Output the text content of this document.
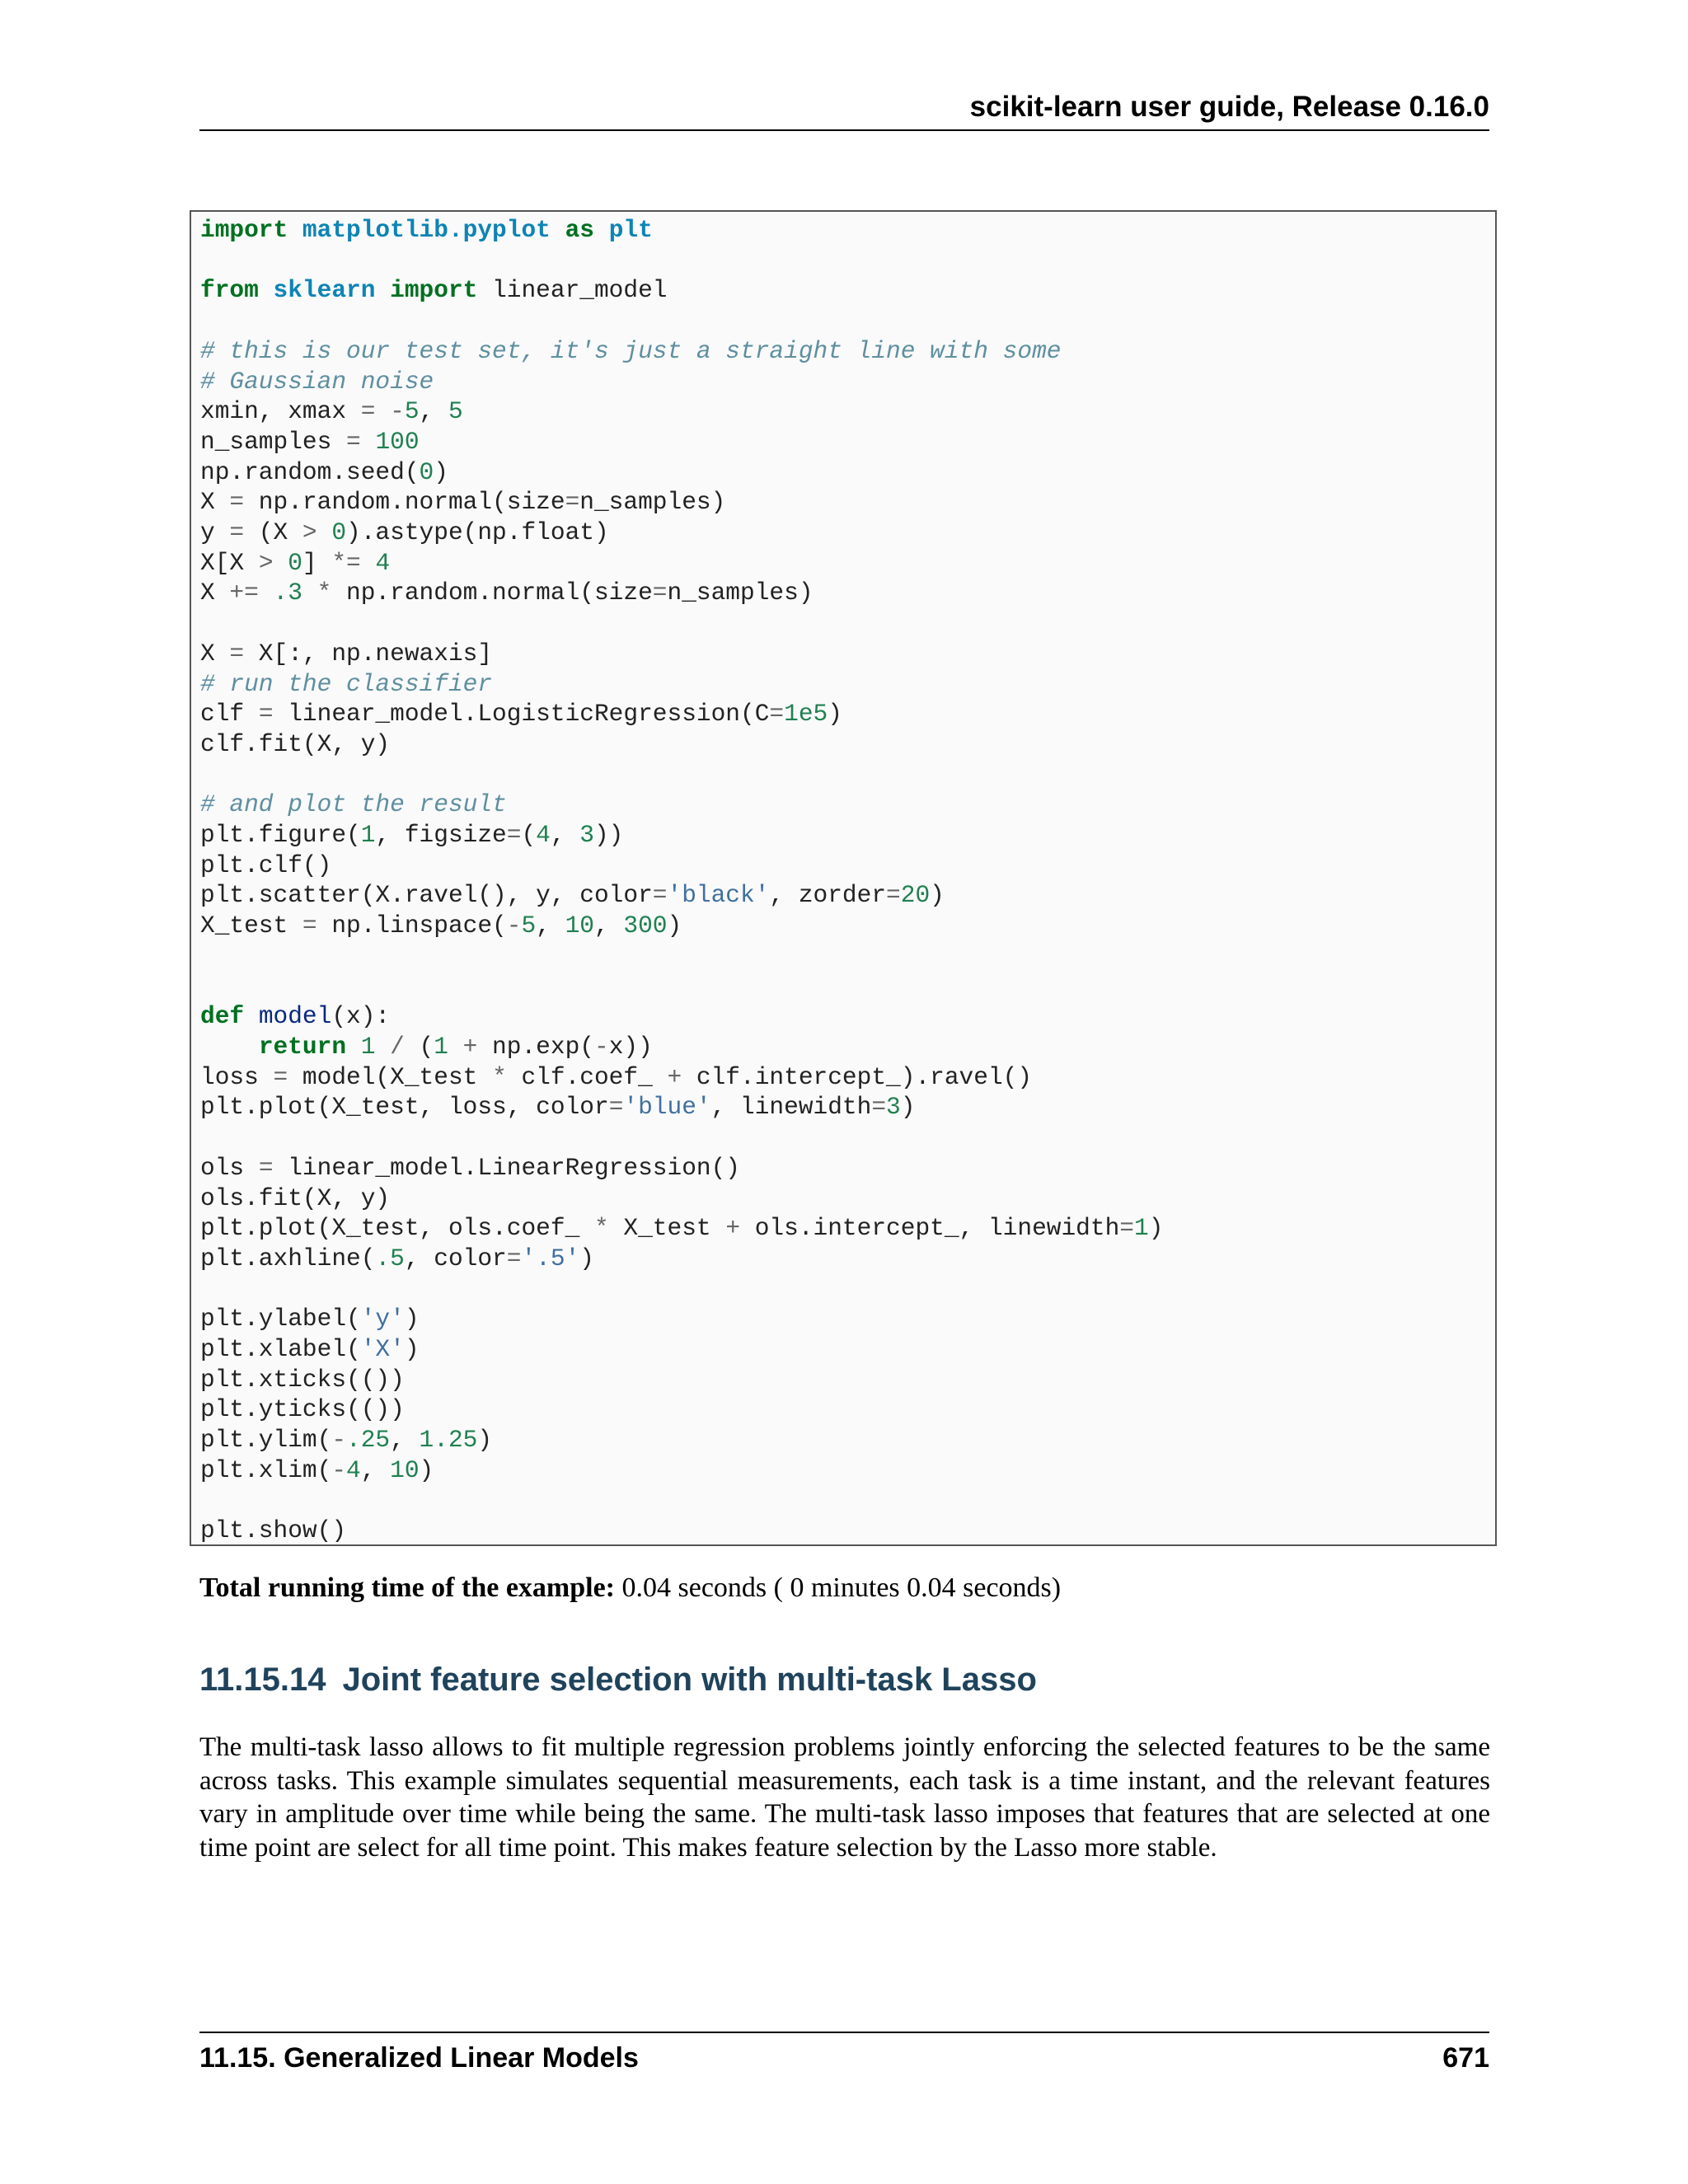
scikit-learn user guide, Release 0.16.0
import matplotlib.pyplot as plt

from sklearn import linear_model

# this is our test set, it's just a straight line with some
# Gaussian noise
xmin, xmax = -5, 5
n_samples = 100
np.random.seed(0)
X = np.random.normal(size=n_samples)
y = (X > 0).astype(np.float)
X[X > 0] *= 4
X += .3 * np.random.normal(size=n_samples)

X = X[:, np.newaxis]
# run the classifier
clf = linear_model.LogisticRegression(C=1e5)
clf.fit(X, y)

# and plot the result
plt.figure(1, figsize=(4, 3))
plt.clf()
plt.scatter(X.ravel(), y, color='black', zorder=20)
X_test = np.linspace(-5, 10, 300)

def model(x):
return 1 / (1 + np.exp(-x))
loss = model(X_test * clf.coef_ + clf.intercept_).ravel()
plt.plot(X_test, loss, color='blue', linewidth=3)

ols = linear_model.LinearRegression()
ols.fit(X, y)
plt.plot(X_test, ols.coef_ * X_test + ols.intercept_, linewidth=1)
plt.axhline(.5, color='.5')

plt.ylabel('y')
plt.xlabel('X')
plt.xticks(())
plt.yticks(())
plt.ylim(-.25, 1.25)
plt.xlim(-4, 10)

plt.show()
Total running time of the example: 0.04 seconds ( 0 minutes 0.04 seconds)
11.15.14 Joint feature selection with multi-task Lasso
The multi-task lasso allows to fit multiple regression problems jointly enforcing the selected features to be the same across tasks. This example simulates sequential measurements, each task is a time instant, and the relevant features vary in amplitude over time while being the same. The multi-task lasso imposes that features that are selected at one time point are select for all time point. This makes feature selection by the Lasso more stable.
11.15. Generalized Linear Models	671
